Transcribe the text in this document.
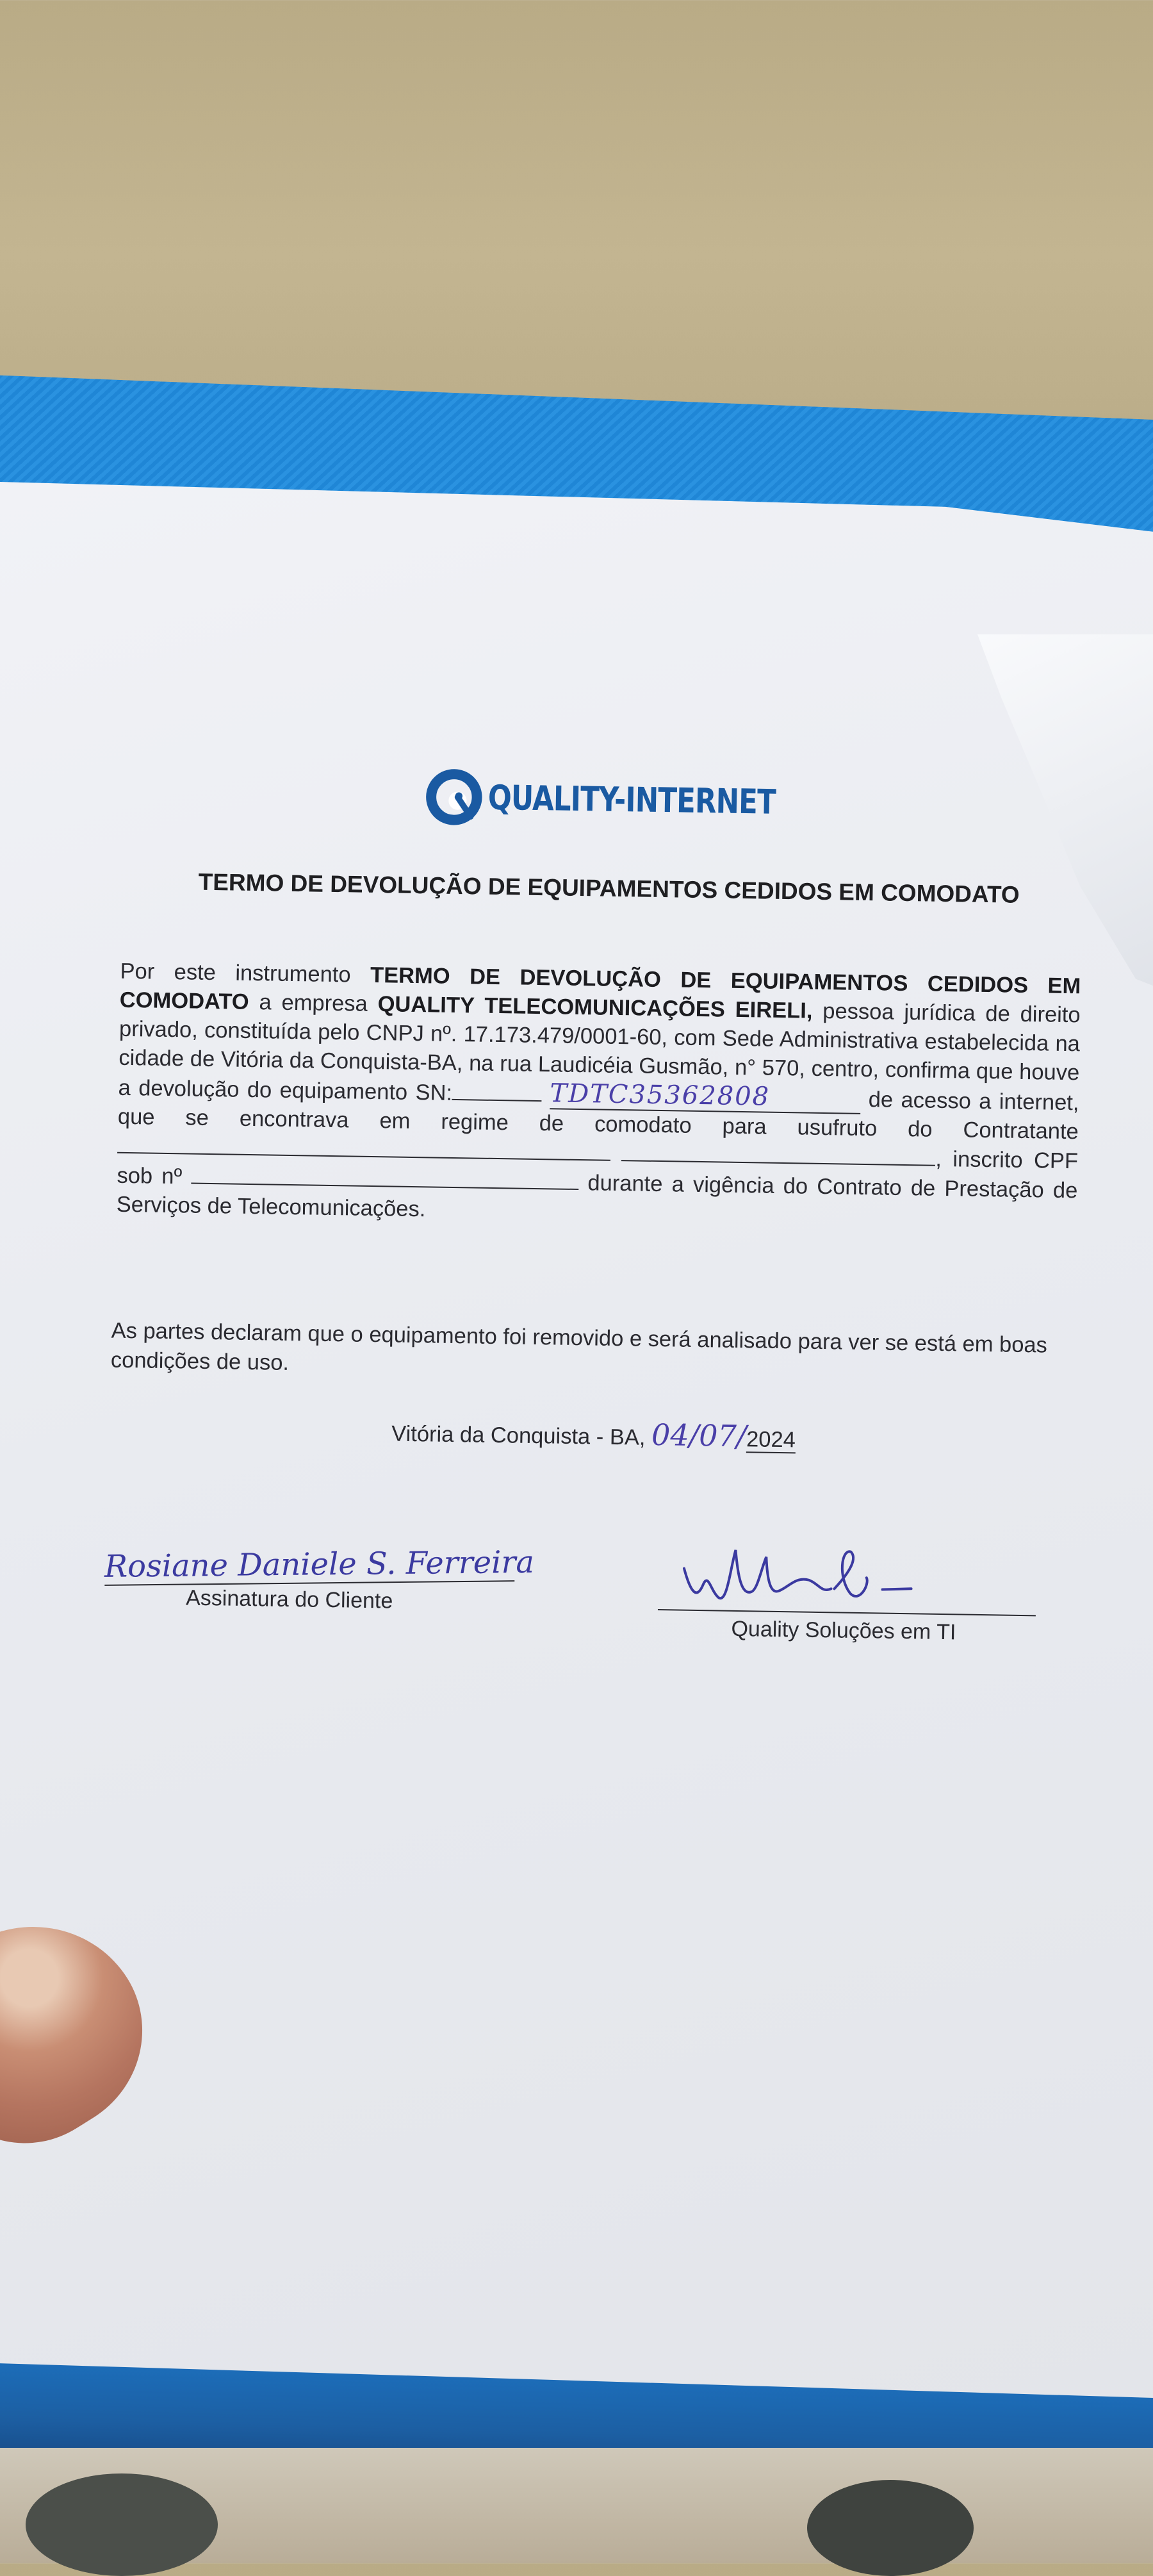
QUALITY-INTERNET
TERMO DE DEVOLUÇÃO DE EQUIPAMENTOS CEDIDOS EM COMODATO
Por este instrumento TERMO DE DEVOLUÇÃO DE EQUIPAMENTOS CEDIDOS EM COMODATO a empresa QUALITY TELECOMUNICAÇÕES EIRELI, pessoa jurídica de direito privado, constituída pelo CNPJ nº. 17.173.479/0001-60, com Sede Administrativa estabelecida na cidade de Vitória da Conquista-BA, na rua Laudicéia Gusmão, n° 570, centro, confirma que houve a devolução do equipamento SN:	TDTC35362808	de acesso a internet, que se encontrava em regime de comodato para usufruto do Contratante  , inscrito CPF sob nº	durante a vigência do Contrato de Prestação de Serviços de Telecomunicações.
As partes declaram que o equipamento foi removido e será analisado para ver se está em boas condições de uso.
Vitória da Conquista - BA, 04/07/2024
Rosiane Daniele S. Ferreira
Assinatura do Cliente
Quality Soluções em TI
